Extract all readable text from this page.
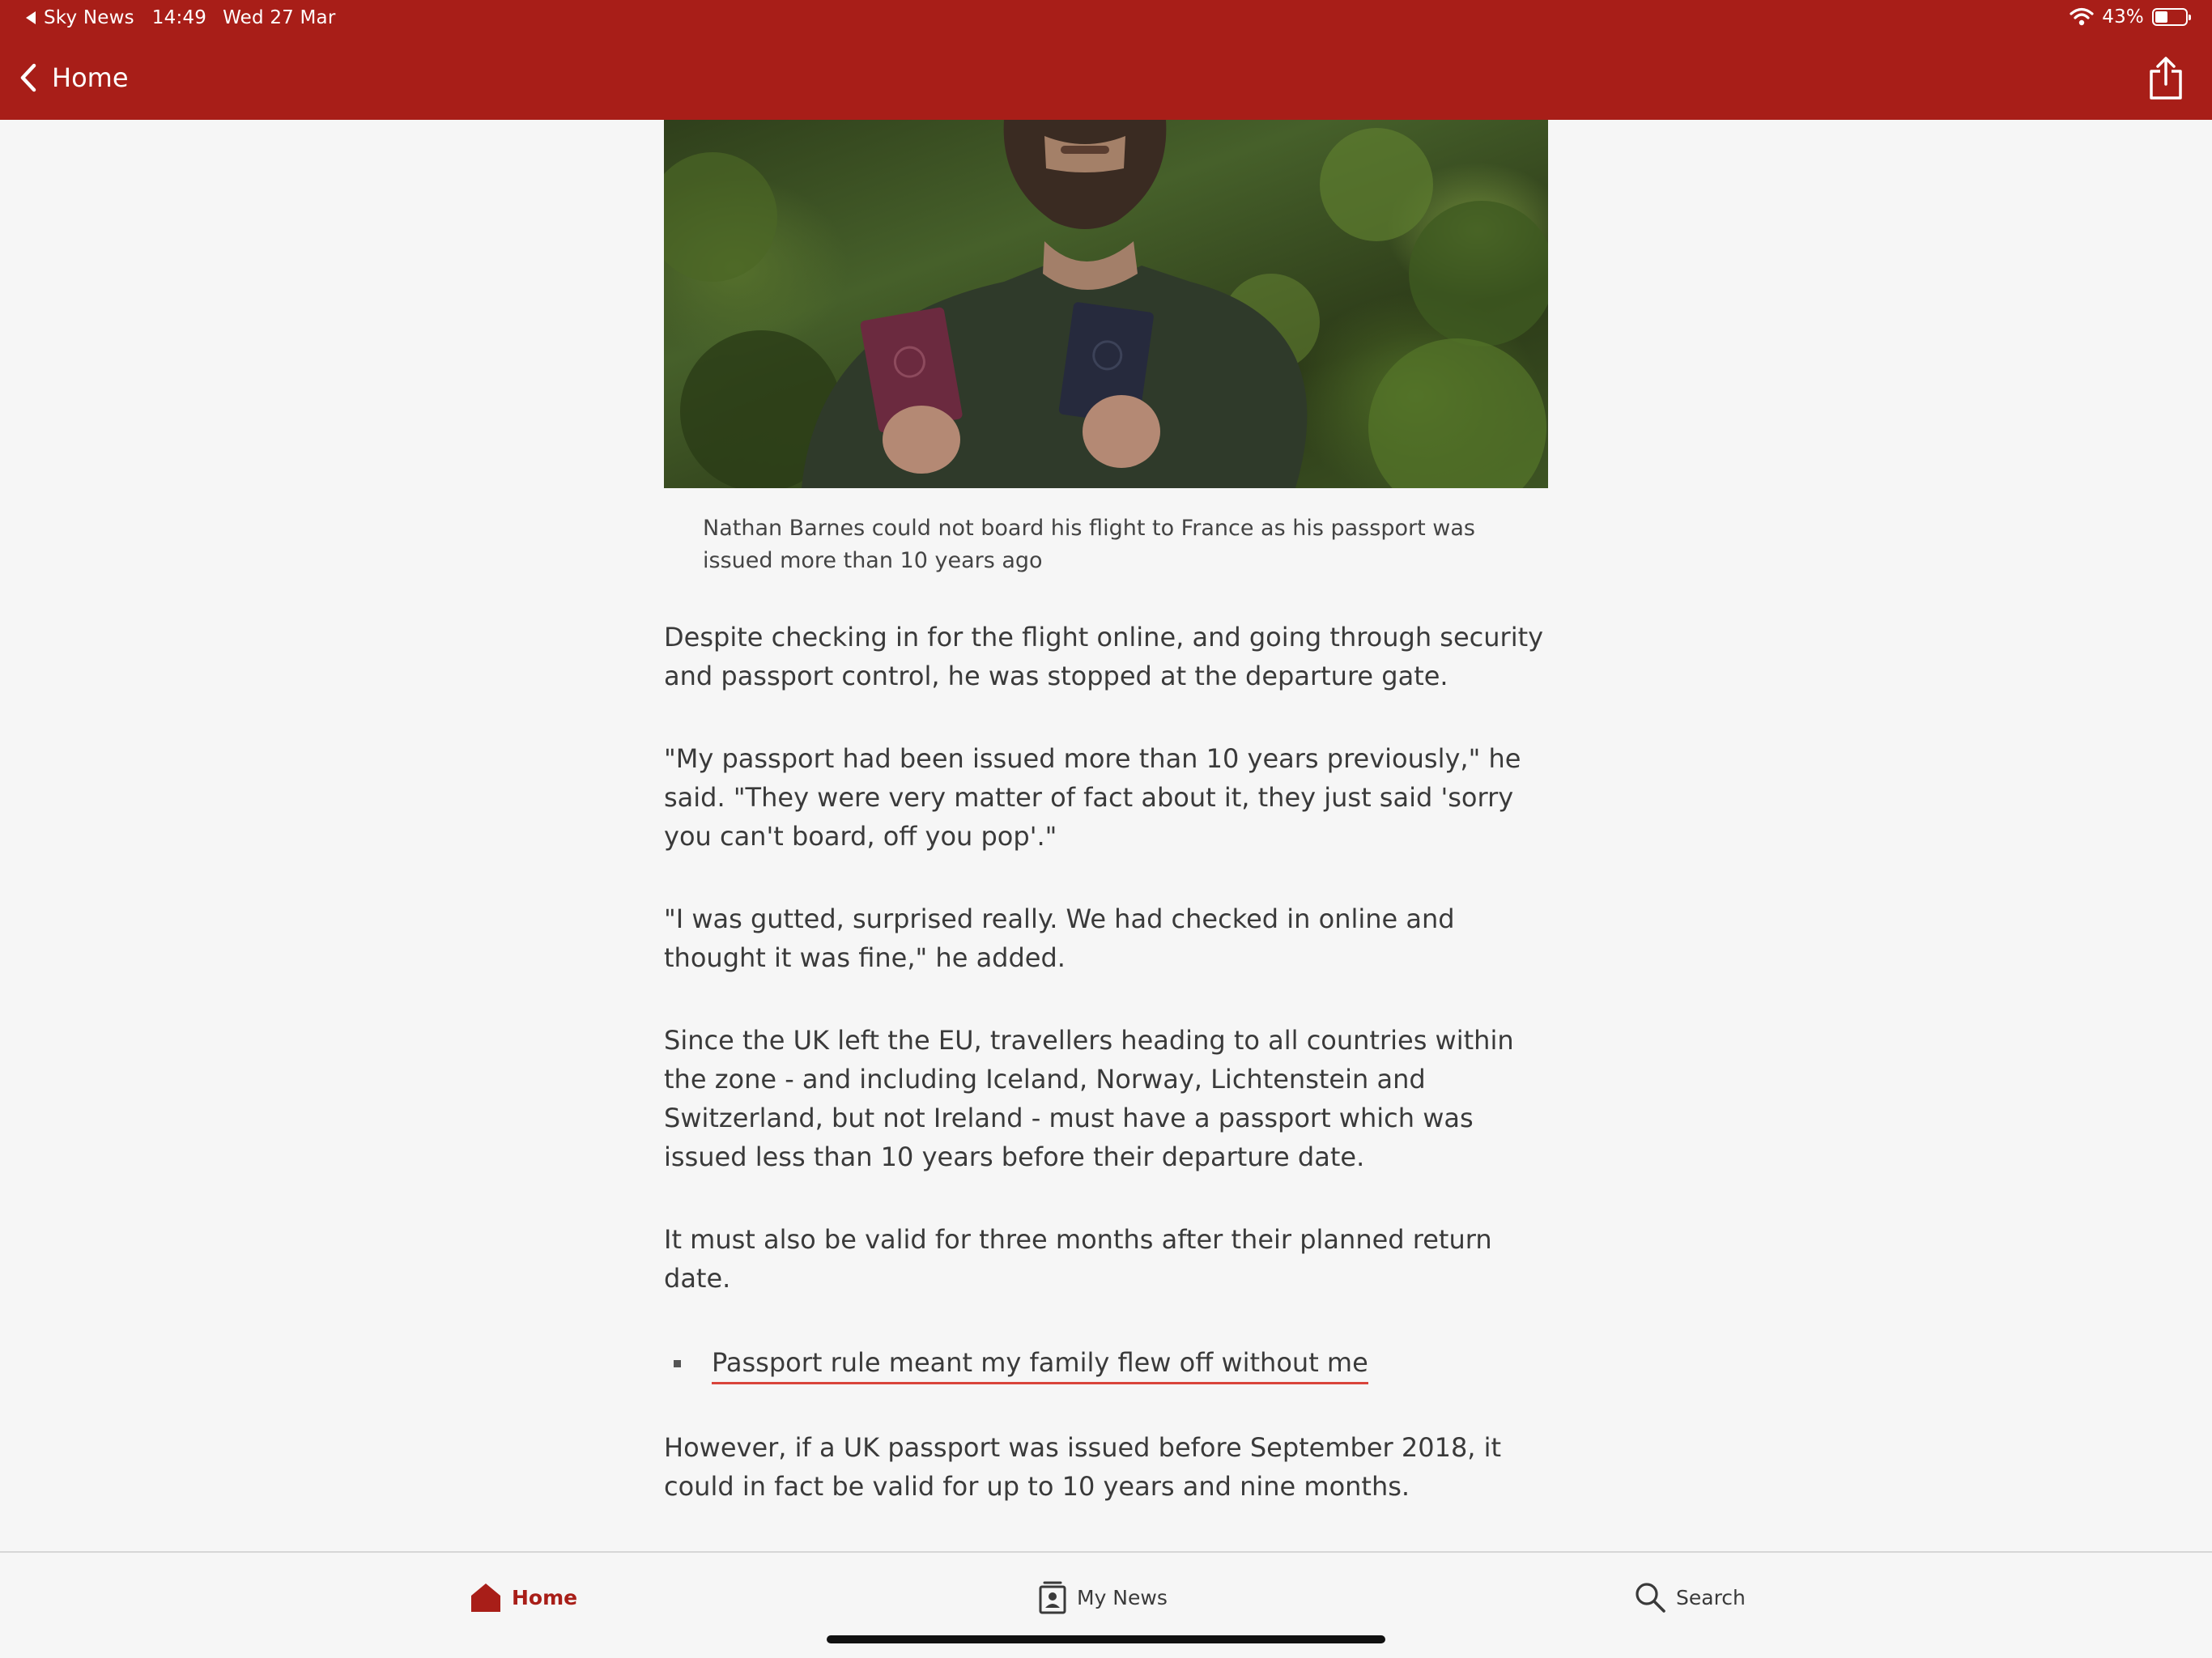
Sky News 14:49 Wed 27 Mar	43%
Home

Nathan Barnes could not board his flight to France as his passport was issued more than 10 years ago

Despite checking in for the flight online, and going through security and passport control, he was stopped at the departure gate.

"My passport had been issued more than 10 years previously," he said. "They were very matter of fact about it, they just said 'sorry you can't board, off you pop'."

"I was gutted, surprised really. We had checked in online and thought it was fine," he added.

Since the UK left the EU, travellers heading to all countries within the zone - and including Iceland, Norway, Lichtenstein and Switzerland, but not Ireland - must have a passport which was issued less than 10 years before their departure date.

It must also be valid for three months after their planned return date.

Passport rule meant my family flew off without me

However, if a UK passport was issued before September 2018, it could in fact be valid for up to 10 years and nine months.

Home	My News	Search
